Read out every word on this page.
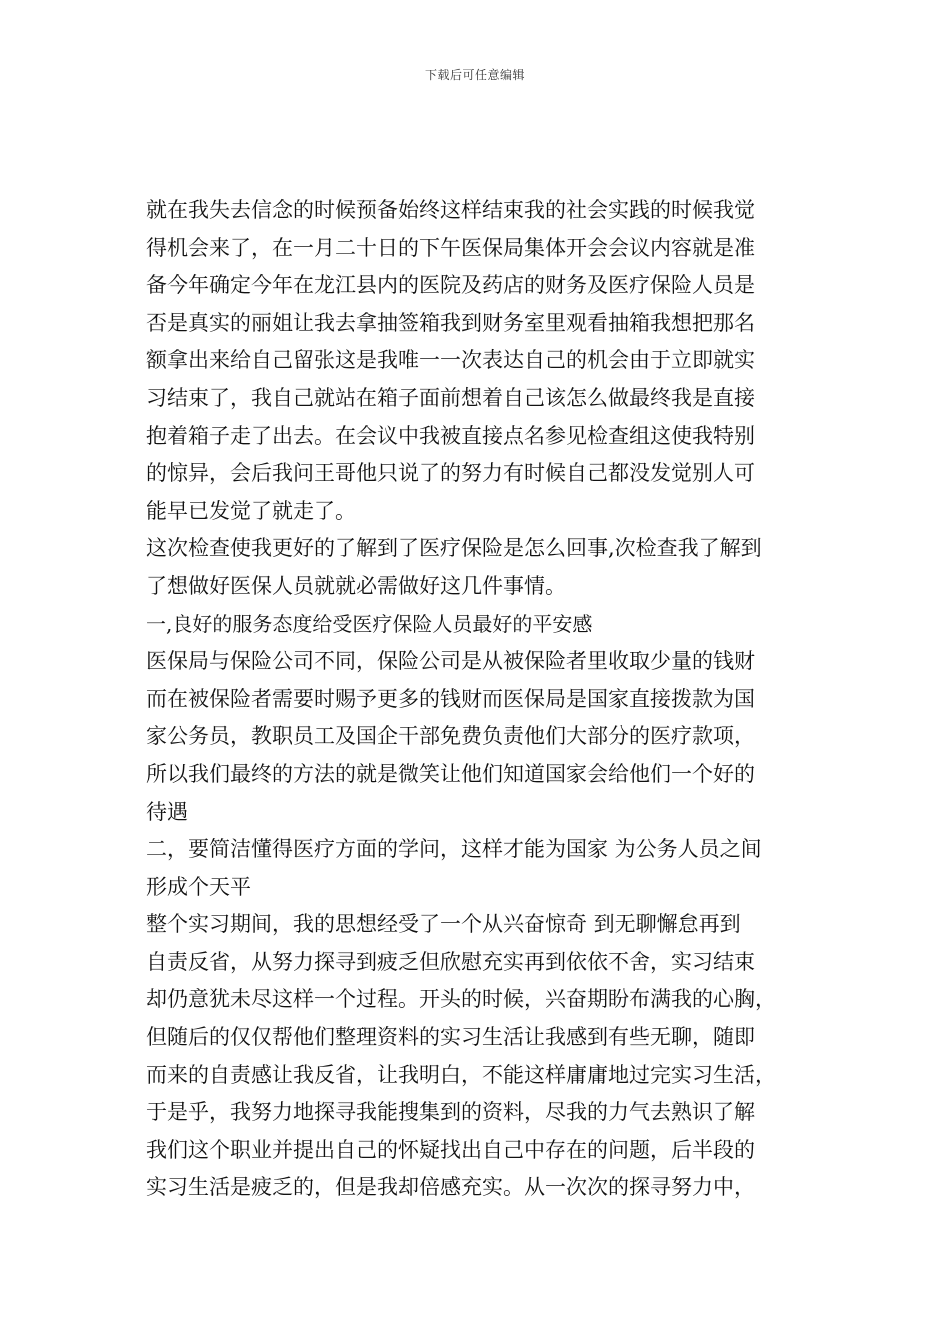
下载后可任意编辑
就在我失去信念的时候预备始终这样结束我的社会实践的时候我觉
得机会来了，在一月二十日的下午医保局集体开会会议内容就是准
备今年确定今年在龙江县内的医院及药店的财务及医疗保险人员是
否是真实的丽姐让我去拿抽签箱我到财务室里观看抽箱我想把那名
额拿出来给自己留张这是我唯一一次表达自己的机会由于立即就实
习结束了，我自己就站在箱子面前想着自己该怎么做最终我是直接
抱着箱子走了出去。在会议中我被直接点名参见检查组这使我特别
的惊异，会后我问王哥他只说了的努力有时候自己都没发觉别人可
能早已发觉了就走了。
这次检查使我更好的了解到了医疗保险是怎么回事,次检查我了解到
了想做好医保人员就就必需做好这几件事情。
一,良好的服务态度给受医疗保险人员最好的平安感
医保局与保险公司不同，保险公司是从被保险者里收取少量的钱财
而在被保险者需要时赐予更多的钱财而医保局是国家直接拨款为国
家公务员，教职员工及国企干部免费负责他们大部分的医疗款项，
所以我们最终的方法的就是微笑让他们知道国家会给他们一个好的
待遇
二，要简洁懂得医疗方面的学问，这样才能为国家 为公务人员之间
形成个天平
整个实习期间，我的思想经受了一个从兴奋惊奇 到无聊懈怠再到
自责反省，从努力探寻到疲乏但欣慰充实再到依依不舍，实习结束
却仍意犹未尽这样一个过程。开头的时候，兴奋期盼布满我的心胸，
但随后的仅仅帮他们整理资料的实习生活让我感到有些无聊，随即
而来的自责感让我反省，让我明白，不能这样庸庸地过完实习生活，
于是乎，我努力地探寻我能搜集到的资料，尽我的力气去熟识了解
我们这个职业并提出自己的怀疑找出自己中存在的问题，后半段的
实习生活是疲乏的，但是我却倍感充实。从一次次的探寻努力中，
